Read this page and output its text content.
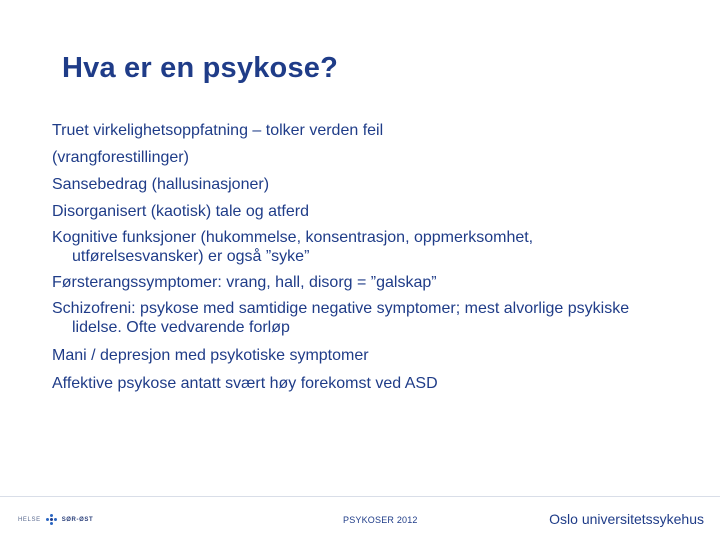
Hva er en psykose?
Truet virkelighetsoppfatning – tolker verden feil
(vrangforestillinger)
Sansebedrag (hallusinasjoner)
Disorganisert (kaotisk) tale og atferd
Kognitive funksjoner (hukommelse, konsentrasjon, oppmerksomhet, utførelsesvansker) er også ”syke”
Førsterangssymptomer: vrang, hall, disorg = ”galskap”
Schizofreni: psykose med samtidige negative symptomer; mest alvorlige psykiske lidelse. Ofte vedvarende forløp
Mani / depresjon med psykotiske symptomer
Affektive psykose antatt svært høy forekomst ved ASD
HELSE	SØR-ØST	PSYKOSER 2012	Oslo universitetssykehus
